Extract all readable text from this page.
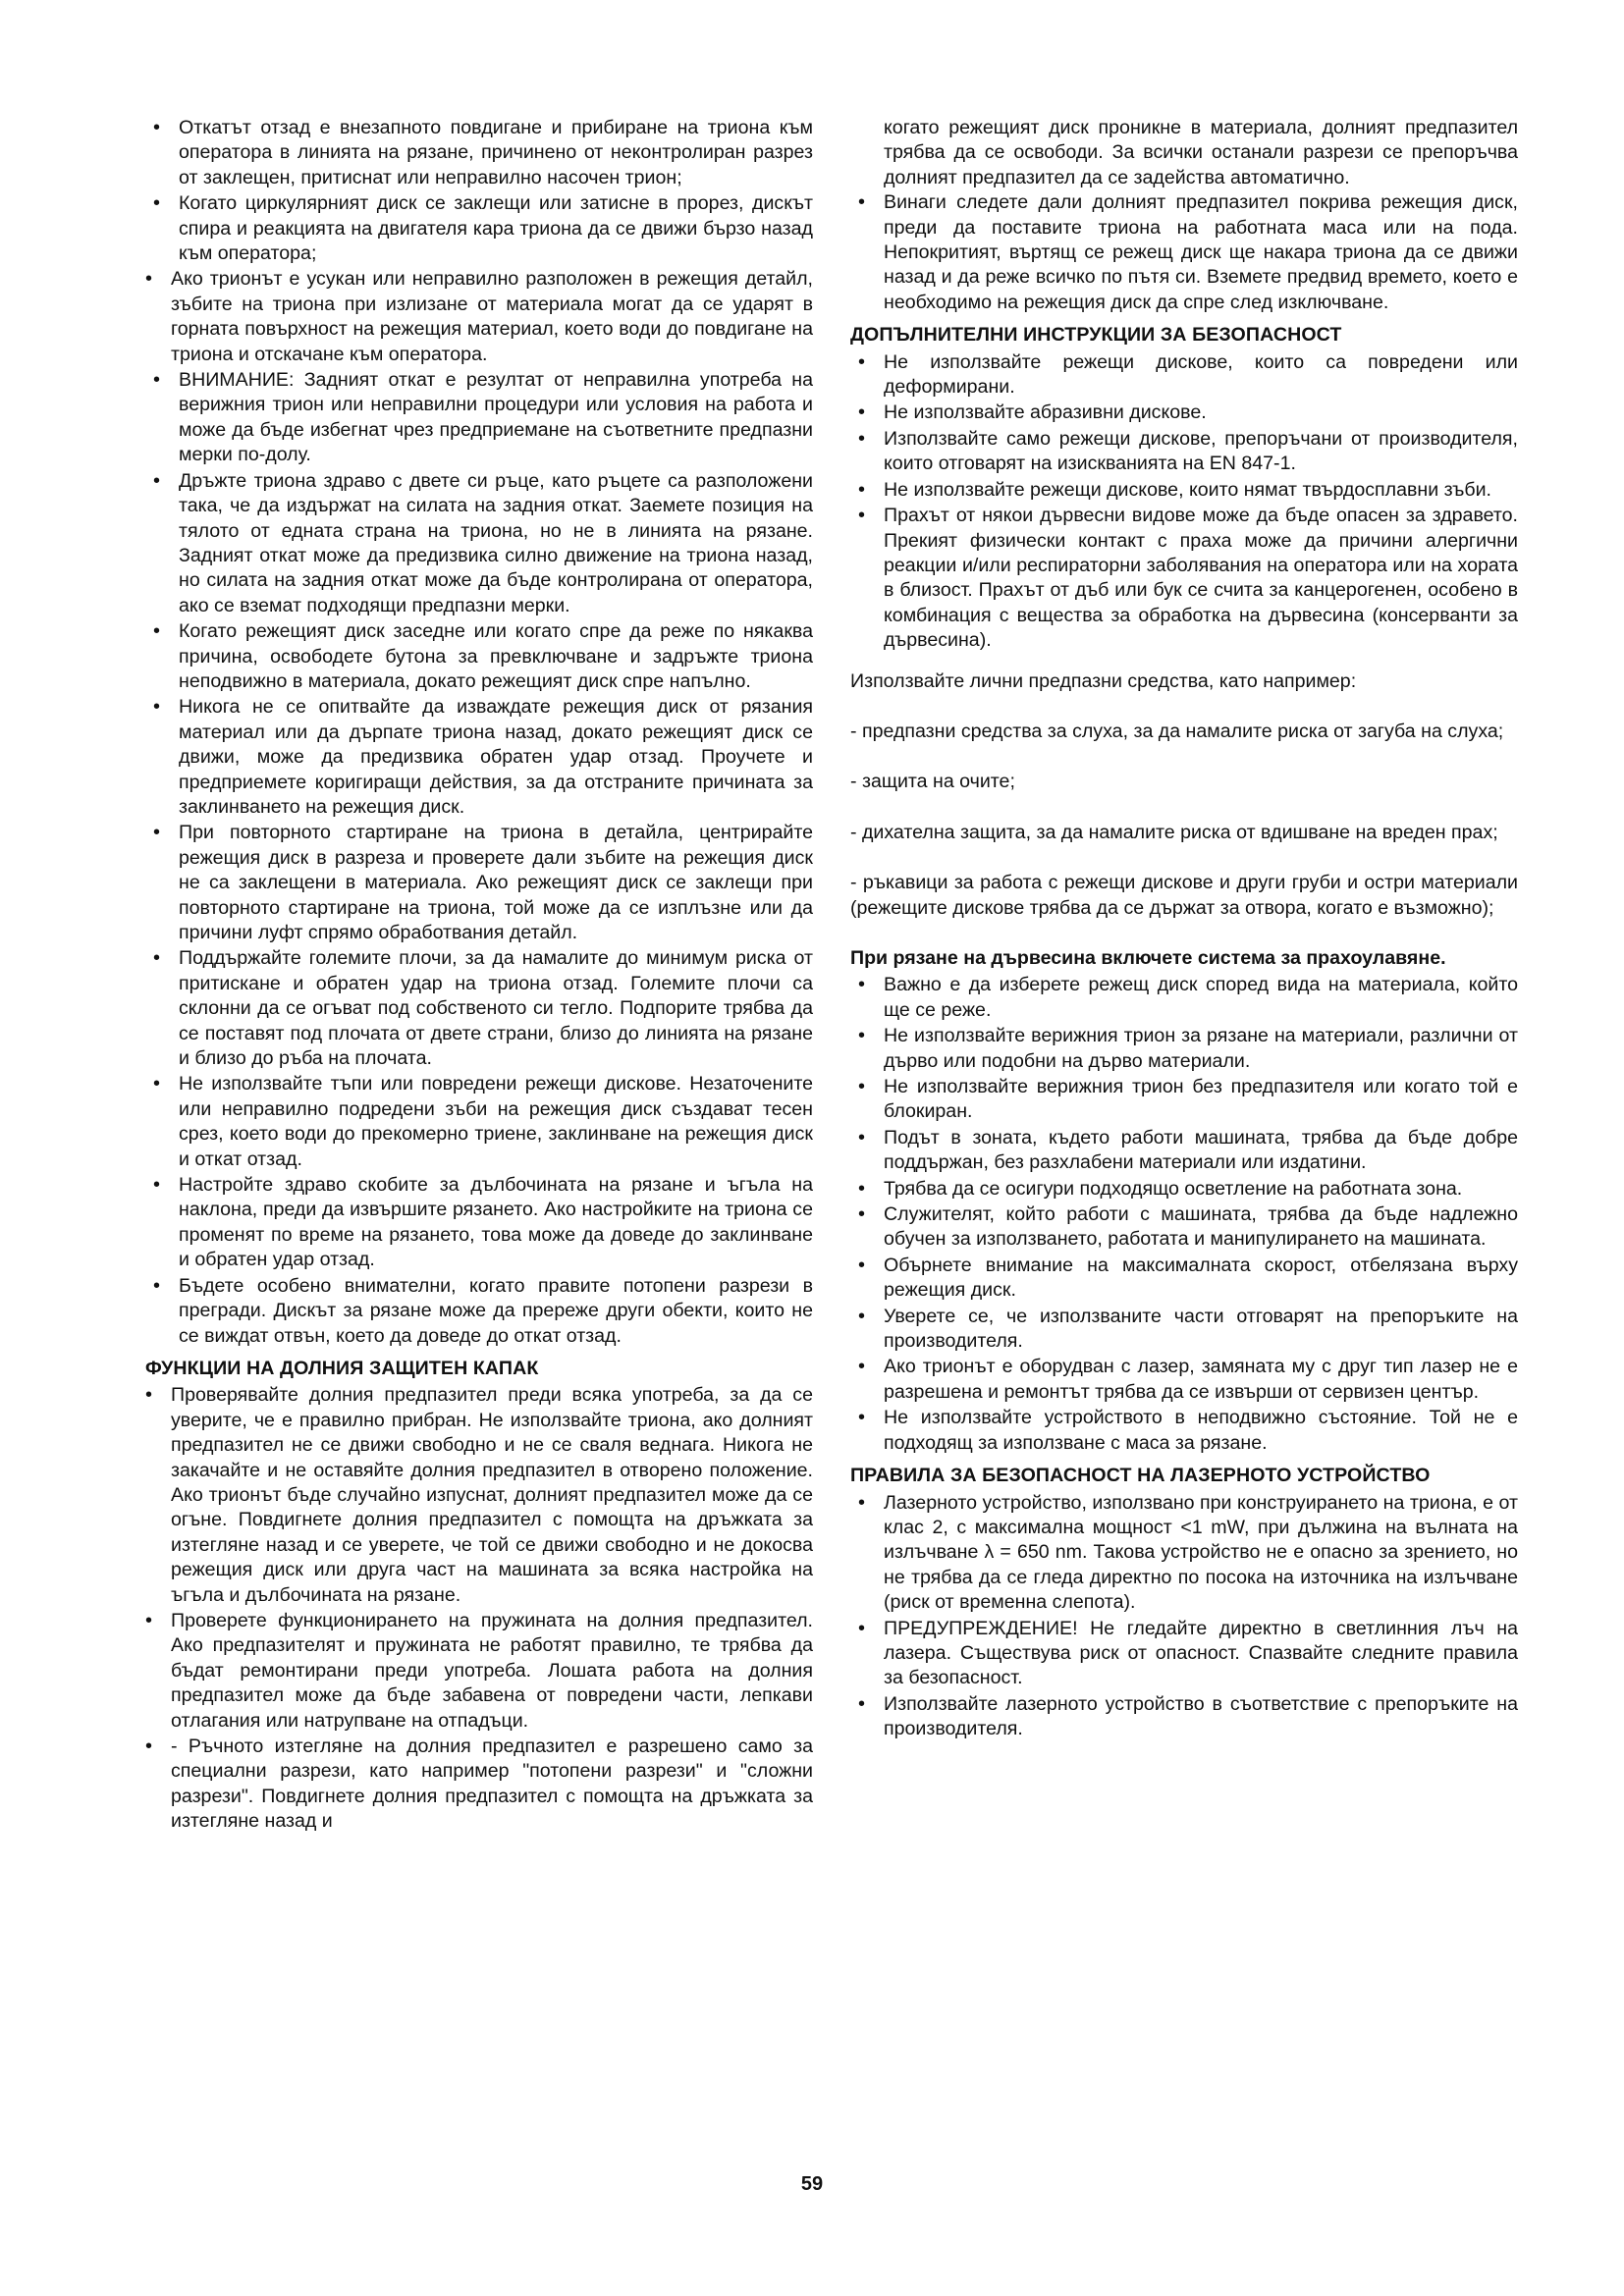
• Откатът отзад е внезапното повдигане и прибиране на триона към оператора в линията на рязане, причинено от неконтролиран разрез от заклещен, притиснат или неправилно насочен трион;
• Когато циркулярният диск се заклещи или затисне в прорез, дискът спира и реакцията на двигателя кара триона да се движи бързо назад към оператора;
• Ако трионът е усукан или неправилно разположен в режещия детайл, зъбите на триона при излизане от материала могат да се ударят в горната повърхност на режещия материал, което води до повдигане на триона и отскачане към оператора.
• ВНИМАНИЕ: Задният откат е резултат от неправилна употреба на верижния трион или неправилни процедури или условия на работа и може да бъде избегнат чрез предприемане на съответните предпазни мерки по-долу.
• Дръжте триона здраво с двете си ръце, като ръцете са разположени така, че да издържат на силата на задния откат. Заемете позиция на тялото от едната страна на триона, но не в линията на рязане. Задният откат може да предизвика силно движение на триона назад, но силата на задния откат може да бъде контролирана от оператора, ако се вземат подходящи предпазни мерки.
• Когато режещият диск заседне или когато спре да реже по някаква причина, освободете бутона за превключване и задръжте триона неподвижно в материала, докато режещият диск спре напълно.
• Никога не се опитвайте да изваждате режещия диск от рязания материал или да дърпате триона назад, докато режещият диск се движи, може да предизвика обратен удар отзад. Проучете и предприемете коригиращи действия, за да отстраните причината за заклинването на режещия диск.
• При повторното стартиране на триона в детайла, центрирайте режещия диск в разреза и проверете дали зъбите на режещия диск не са заклещени в материала. Ако режещият диск се заклещи при повторното стартиране на триона, той може да се изплъзне или да причини луфт спрямо обработвания детайл.
• Поддържайте големите плочи, за да намалите до минимум риска от притискане и обратен удар на триона отзад. Големите плочи са склонни да се огъват под собственото си тегло. Подпорите трябва да се поставят под плочата от двете страни, близо до линията на рязане и близо до ръба на плочата.
• Не използвайте тъпи или повредени режещи дискове. Незаточените или неправилно подредени зъби на режещия диск създават тесен срез, което води до прекомерно триене, заклинване на режещия диск и откат отзад.
• Настройте здраво скобите за дълбочината на рязане и ъгъла на наклона, преди да извършите рязането. Ако настройките на триона се променят по време на рязането, това може да доведе до заклинване и обратен удар отзад.
• Бъдете особено внимателни, когато правите потопени разрези в прегради. Дискът за рязане може да прережe други обекти, които не се виждат отвън, което да доведе до откат отзад.
ФУНКЦИИ НА ДОЛНИЯ ЗАЩИТЕН КАПАК
• Проверявайте долния предпазител преди всяка употреба, за да се уверите, че е правилно прибран. Не използвайте триона, ако долният предпазител не се движи свободно и не се сваля веднага. Никога не закачайте и не оставяйте долния предпазител в отворено положение. Ако трионът бъде случайно изпуснат, долният предпазител може да се огъне. Повдигнете долния предпазител с помощта на дръжката за изтегляне назад и се уверете, че той се движи свободно и не докосва режещия диск или друга част на машината за всяка настройка на ъгъла и дълбочината на рязане.
• Проверете функционирането на пружината на долния предпазител. Ако предпазителят и пружината не работят правилно, те трябва да бъдат ремонтирани преди употреба. Лошата работа на долния предпазител може да бъде забавена от повредени части, лепкави отлагания или натрупване на отпадъци.
• - Ръчното изтегляне на долния предпазител е разрешено само за специални разрези, като например "потопени разрези" и "сложни разрези". Повдигнете долния предпазител с помощта на дръжката за изтегляне назад и

когато режещият диск проникне в материала, долният предпазител трябва да се освободи. За всички останали разрези се препоръчва долният предпазител да се задейства автоматично.

• Винаги следете дали долният предпазител покрива режещия диск, преди да поставите триона на работната маса или на пода. Непокритият, въртящ се режещ диск ще накара триона да се движи назад и да реже всичко по пътя си. Вземете предвид времето, което е необходимо на режещия диск да спре след изключване.
ДОПЪЛНИТЕЛНИ ИНСТРУКЦИИ ЗА БЕЗОПАСНОСТ
• Не използвайте режещи дискове, които са повредени или деформирани.
• Не използвайте абразивни дискове.
• Използвайте само режещи дискове, препоръчани от производителя, които отговарят на изискванията на EN 847-1.
• Не използвайте режещи дискове, които нямат твърдосплавни зъби.
• Прахът от някои дървесни видове може да бъде опасен за здравето. Прекият физически контакт с праха може да причини алергични реакции и/или респираторни заболявания на оператора или на хората в близост. Прахът от дъб или бук се счита за канцерогенен, особено в комбинация с вещества за обработка на дървесина (консерванти за дървесина).

Използвайте лични предпазни средства, като например:

- предпазни средства за слуха, за да намалите риска от загуба на слуха;

- защита на очите;

- дихателна защита, за да намалите риска от вдишване на вреден прах;

- ръкавици за работа с режещи дискове и други груби и остри материали (режещите дискове трябва да се държат за отвора, когато е възможно);

При рязане на дървесина включете система за прахоулавяне.

• Важно е да изберете режещ диск според вида на материала, който ще се реже.
• Не използвайте верижния трион за рязане на материали, различни от дърво или подобни на дърво материали.
• Не използвайте верижния трион без предпазителя или когато той е блокиран.
• Подът в зоната, където работи машината, трябва да бъде добре поддържан, без разхлабени материали или издатини.
• Трябва да се осигури подходящо осветление на работната зона.
• Служителят, който работи с машината, трябва да бъде надлежно обучен за използването, работата и манипулирането на машината.
• Обърнете внимание на максималната скорост, отбелязана върху режещия диск.
• Уверете се, че използваните части отговарят на препоръките на производителя.
• Ако трионът е оборудван с лазер, замяната му с друг тип лазер не е разрешена и ремонтът трябва да се извърши от сервизен център.
• Не използвайте устройството в неподвижно състояние. Той не е подходящ за използване с маса за рязане.
ПРАВИЛА ЗА БЕЗОПАСНОСТ НА ЛАЗЕРНОТО УСТРОЙСТВО
• Лазерното устройство, използвано при конструирането на триона, е от клас 2, с максимална мощност <1 mW, при дължина на вълната на излъчване λ = 650 nm. Такова устройство не е опасно за зрението, но не трябва да се гледа директно по посока на източника на излъчване (риск от временна слепота).
• ПРЕДУПРЕЖДЕНИЕ! Не гледайте директно в светлинния лъч на лазера. Съществува риск от опасност. Спазвайте следните правила за безопасност.
• Използвайте лазерното устройство в съответствие с препоръките на производителя.
59
